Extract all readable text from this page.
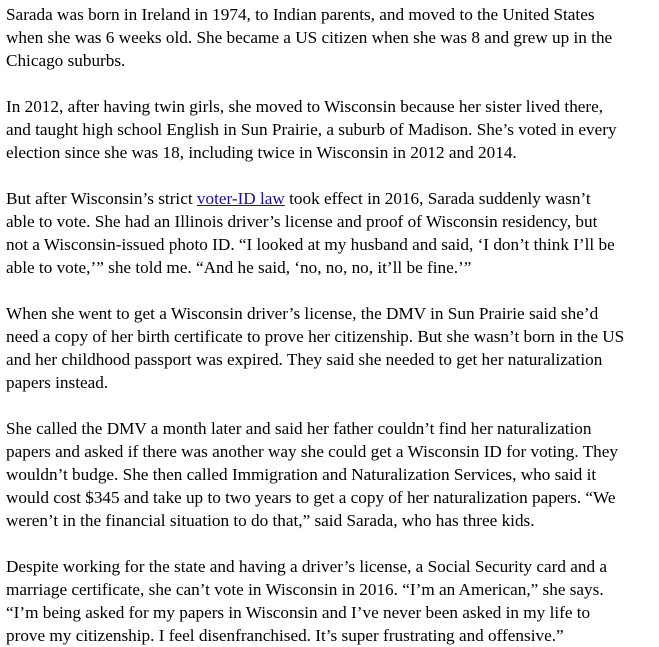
Sarada was born in Ireland in 1974, to Indian parents, and moved to the United States
when she was 6 weeks old. She became a US citizen when she was 8 and grew up in the
Chicago suburbs.

In 2012, after having twin girls, she moved to Wisconsin because her sister lived there,
and taught high school English in Sun Prairie, a suburb of Madison. She’s voted in every
election since she was 18, including twice in Wisconsin in 2012 and 2014.

But after Wisconsin’s strict voter-ID law took effect in 2016, Sarada suddenly wasn’t
able to vote. She had an Illinois driver’s license and proof of Wisconsin residency, but
not a Wisconsin-issued photo ID. “I looked at my husband and said, ‘I don’t think I’ll be
able to vote,’” she told me. “And he said, ‘no, no, no, it’ll be fine.’”

When she went to get a Wisconsin driver’s license, the DMV in Sun Prairie said she’d
need a copy of her birth certificate to prove her citizenship. But she wasn’t born in the US
and her childhood passport was expired. They said she needed to get her naturalization
papers instead.

She called the DMV a month later and said her father couldn’t find her naturalization
papers and asked if there was another way she could get a Wisconsin ID for voting. They
wouldn’t budge. She then called Immigration and Naturalization Services, who said it
would cost $345 and take up to two years to get a copy of her naturalization papers. “We
weren’t in the financial situation to do that,” said Sarada, who has three kids.

Despite working for the state and having a driver’s license, a Social Security card and a
marriage certificate, she can’t vote in Wisconsin in 2016. “I’m an American,” she says.
“I’m being asked for my papers in Wisconsin and I’ve never been asked in my life to
prove my citizenship. I feel disenfranchised. It’s super frustrating and offensive.”
